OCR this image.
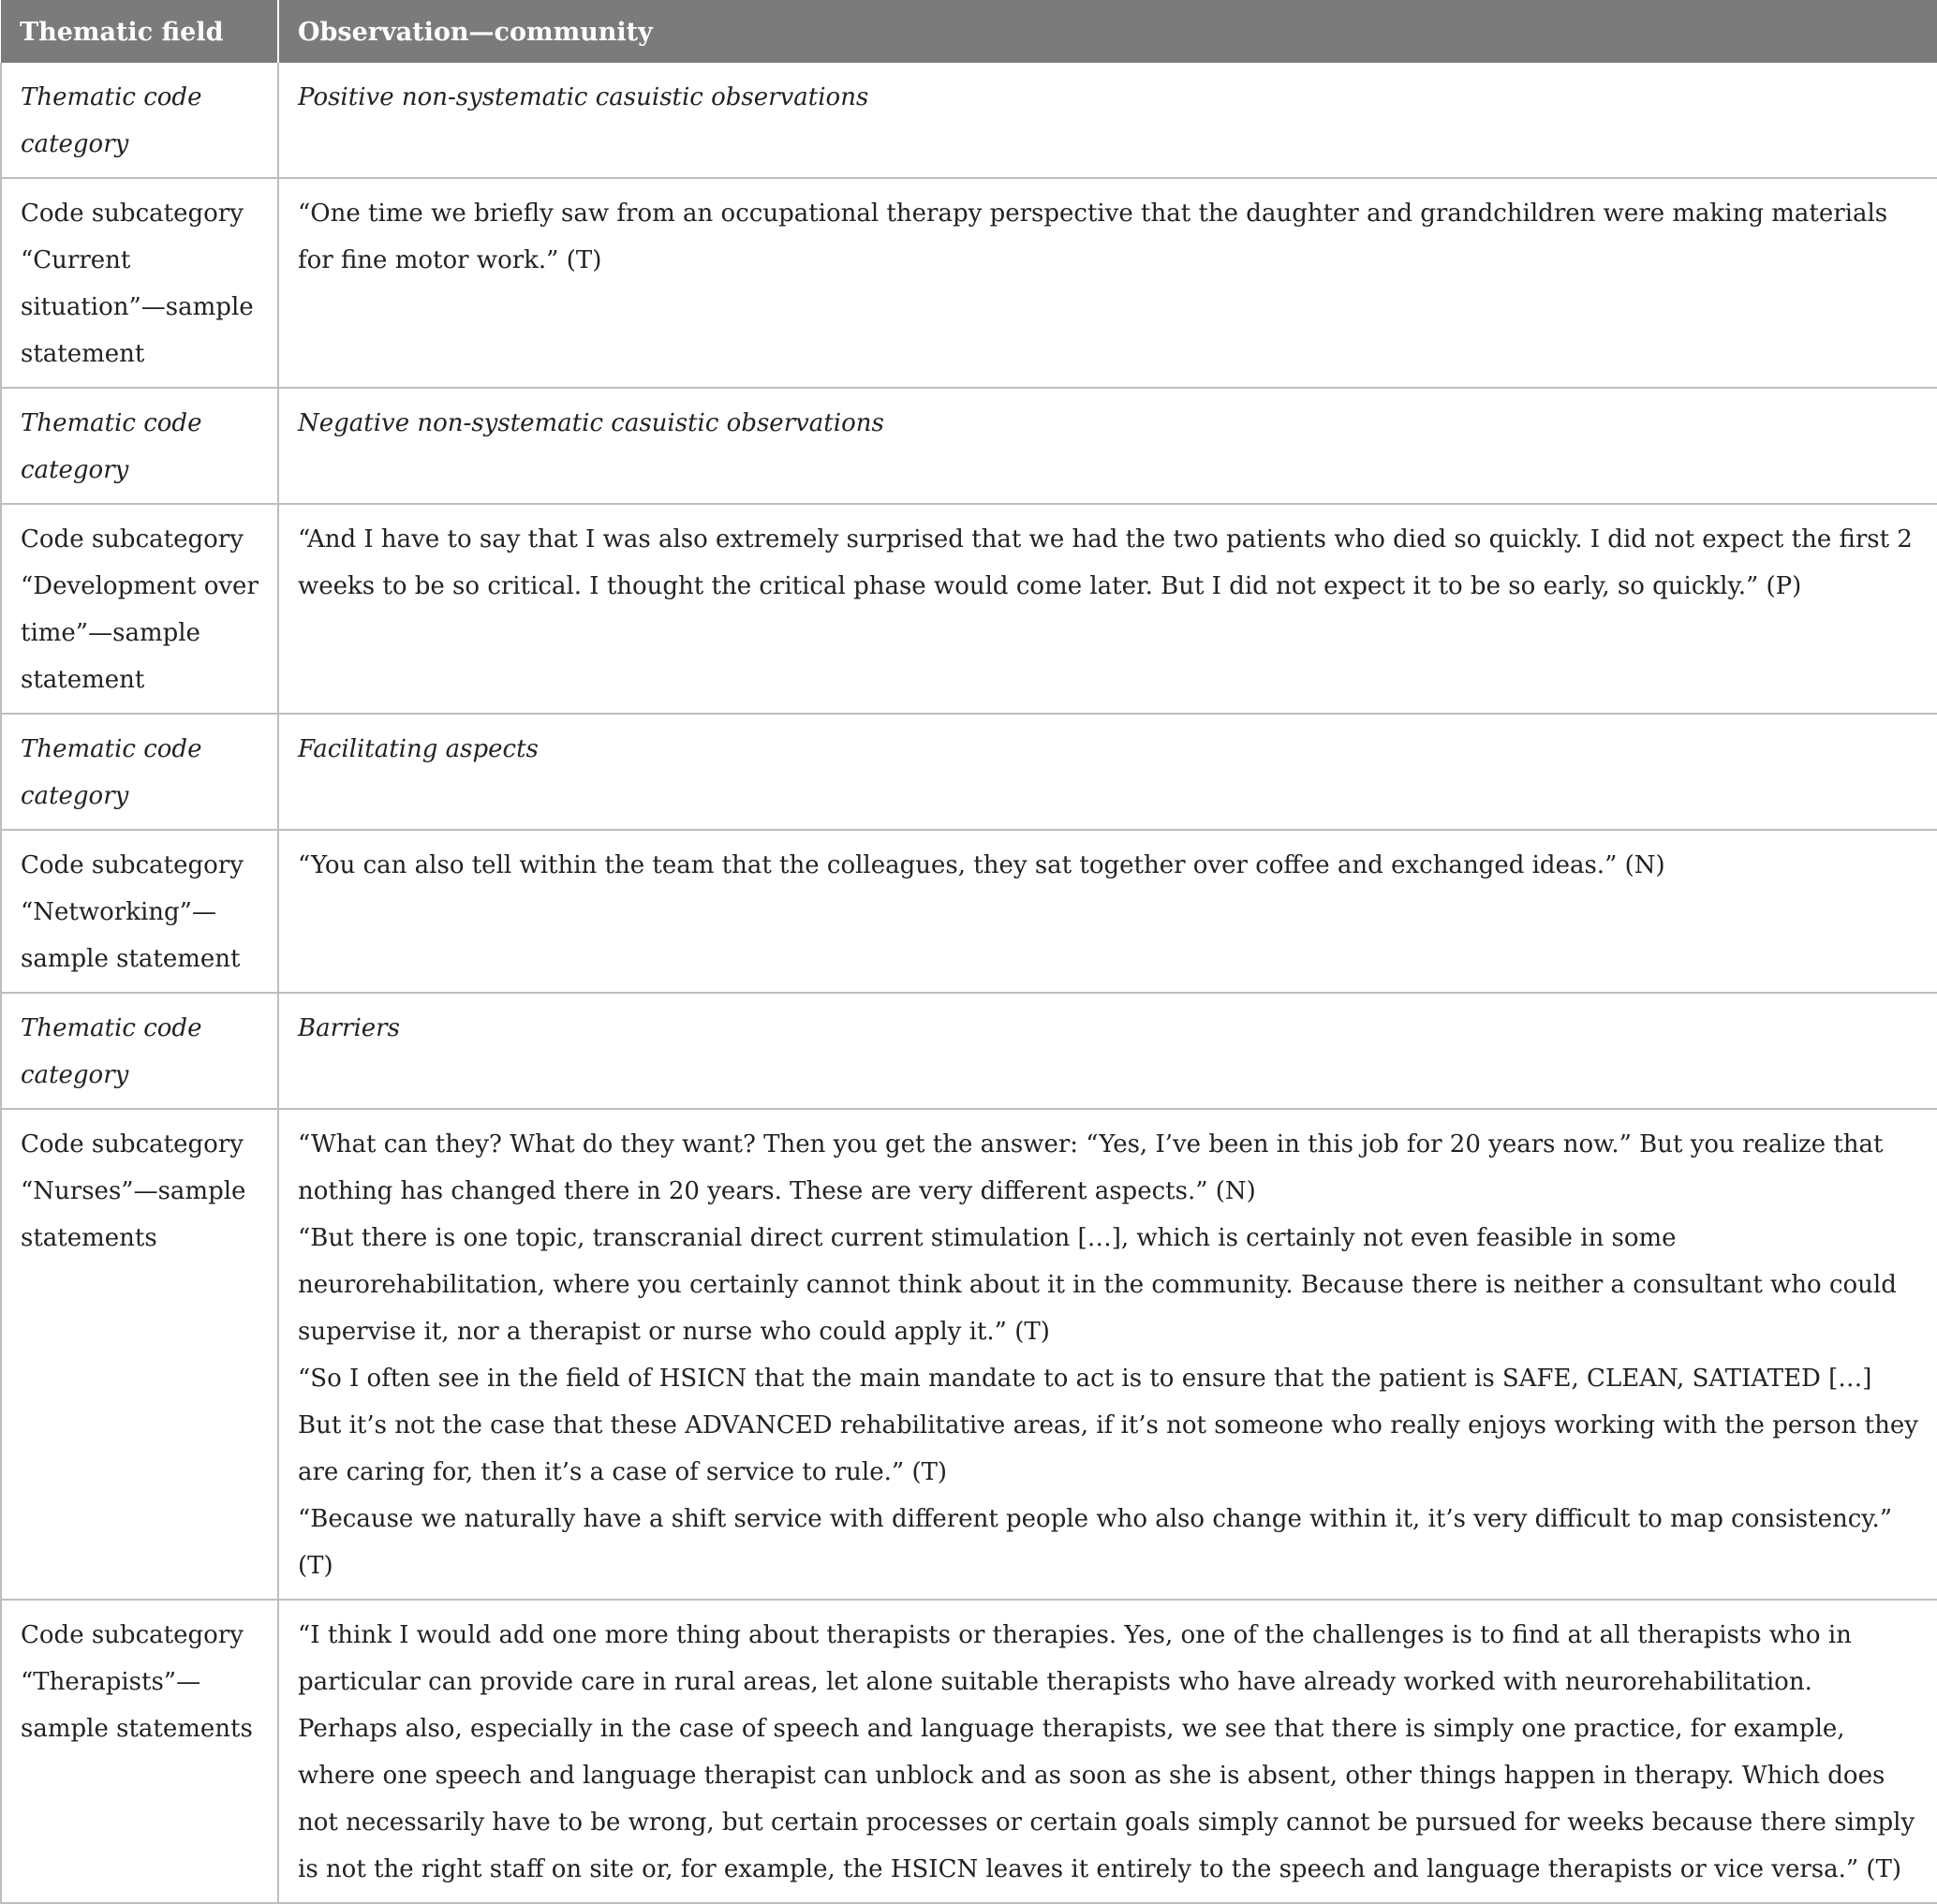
Thematic field	Observation—community
Thematic code category	Positive non-systematic casuistic observations

Code subcategory “Current situation”—sample statement	“One time we briefly saw from an occupational therapy perspective that the daughter and grandchildren were making materials for fine motor work.” (T)

Thematic code category	Negative non-systematic casuistic observations

Code subcategory “Development over time”—sample statement	“And I have to say that I was also extremely surprised that we had the two patients who died so quickly. I did not expect the first 2 weeks to be so critical. I thought the critical phase would come later. But I did not expect it to be so early, so quickly.” (P)

Thematic code category	Facilitating aspects

Code subcategory “Networking”—sample statement	“You can also tell within the team that the colleagues, they sat together over coffee and exchanged ideas.” (N)

Thematic code category	Barriers

Code subcategory “Nurses”—sample statements	“What can they? What do they want? Then you get the answer: “Yes, I’ve been in this job for 20 years now.” But you realize that nothing has changed there in 20 years. These are very different aspects.” (N)
“But there is one topic, transcranial direct current stimulation […], which is certainly not even feasible in some neurorehabilitation, where you certainly cannot think about it in the community. Because there is neither a consultant who could supervise it, nor a therapist or nurse who could apply it.” (T)
“So I often see in the field of HSICN that the main mandate to act is to ensure that the patient is SAFE, CLEAN, SATIATED […] But it’s not the case that these ADVANCED rehabilitative areas, if it’s not someone who really enjoys working with the person they are caring for, then it’s a case of service to rule.” (T)
“Because we naturally have a shift service with different people who also change within it, it’s very difficult to map consistency.” (T)

Code subcategory “Therapists”—sample statements	“I think I would add one more thing about therapists or therapies. Yes, one of the challenges is to find at all therapists who in particular can provide care in rural areas, let alone suitable therapists who have already worked with neurorehabilitation. Perhaps also, especially in the case of speech and language therapists, we see that there is simply one practice, for example, where one speech and language therapist can unblock and as soon as she is absent, other things happen in therapy. Which does not necessarily have to be wrong, but certain processes or certain goals simply cannot be pursued for weeks because there simply is not the right staff on site or, for example, the HSICN leaves it entirely to the speech and language therapists or vice versa.” (T)
